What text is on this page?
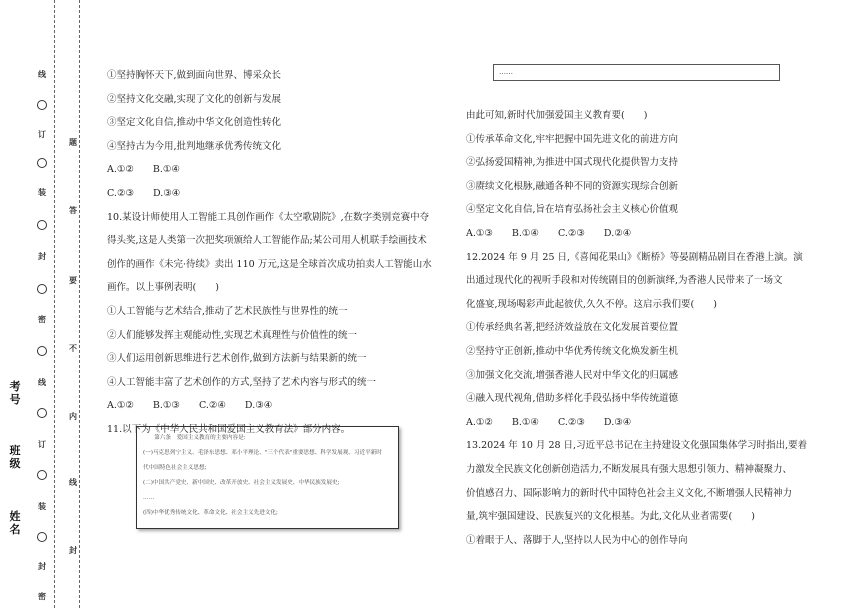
线
订
装
封
密
线
订
装
封
密
题
答
要
不
内
线
封
考号
班级
姓名

①坚持胸怀天下,做到面向世界、博采众长

②坚持文化交融,实现了文化的创新与发展

③坚定文化自信,推动中华文化创造性转化

④坚持古为今用,批判地继承优秀传统文化

A.①②　　B.①④

C.②③　　D.③④

10.某设计师使用人工智能工具创作画作《太空歌剧院》,在数字类别竞赛中夺

得头奖,这是人类第一次把奖项颁给人工智能作品;某公司用人机联手绘画技术

创作的画作《未完·待续》卖出 110 万元,这是全球首次成功拍卖人工智能山水

画作。以上事例表明(　　)

①人工智能与艺术结合,推动了艺术民族性与世界性的统一

②人们能够发挥主观能动性,实现艺术真理性与价值性的统一

③人们运用创新思维进行艺术创作,做到方法新与结果新的统一

④人工智能丰富了艺术创作的方式,坚持了艺术内容与形式的统一

A.①②　　B.①③　　C.②④　　D.③④

11.以下为《中华人民共和国爱国主义教育法》部分内容。

　　第六条　爱国主义教育的主要内容是:

(一)马克思列宁主义、毛泽东思想、邓小平理论、"三个代表"重要思想、科学发展观、习近平新时

代中国特色社会主义思想;

(二)中国共产党史、新中国史、改革开放史、社会主义发展史、中华民族发展史;

……

(四)中华优秀传统文化、革命文化、社会主义先进文化;

……

由此可知,新时代加强爱国主义教育要(　　)

①传承革命文化,牢牢把握中国先进文化的前进方向

②弘扬爱国精神,为推进中国式现代化提供智力支持

③赓续文化根脉,融通各种不同的资源实现综合创新

④坚定文化自信,旨在培育弘扬社会主义核心价值观

A.①③　　B.①④　　C.②③　　D.②④

12.2024 年 9 月 25 日,《喜闻花果山》《断桥》等晏剧精品剧目在香港上演。演

出通过现代化的视听手段和对传统剧目的创新演绎,为香港人民带来了一场文

化盛宴,现场喝彩声此起彼伏,久久不停。这启示我们要(　　)

①传承经典名著,把经济效益放在文化发展首要位置

②坚持守正创新,推动中华优秀传统文化焕发新生机

③加强文化交流,增强香港人民对中华文化的归属感

④融入现代视角,借助多样化手段弘扬中华传统道德

A.①②　　B.①④　　C.②③　　D.③④

13.2024 年 10 月 28 日,习近平总书记在主持建设文化强国集体学习时指出,要着

力激发全民族文化创新创造活力,不断发展具有强大思想引领力、精神凝聚力、

价值感召力、国际影响力的新时代中国特色社会主义文化,不断增强人民精神力

量,筑牢强国建设、民族复兴的文化根基。为此,文化从业者需要(　　)

①着眼于人、落脚于人,坚持以人民为中心的创作导向
